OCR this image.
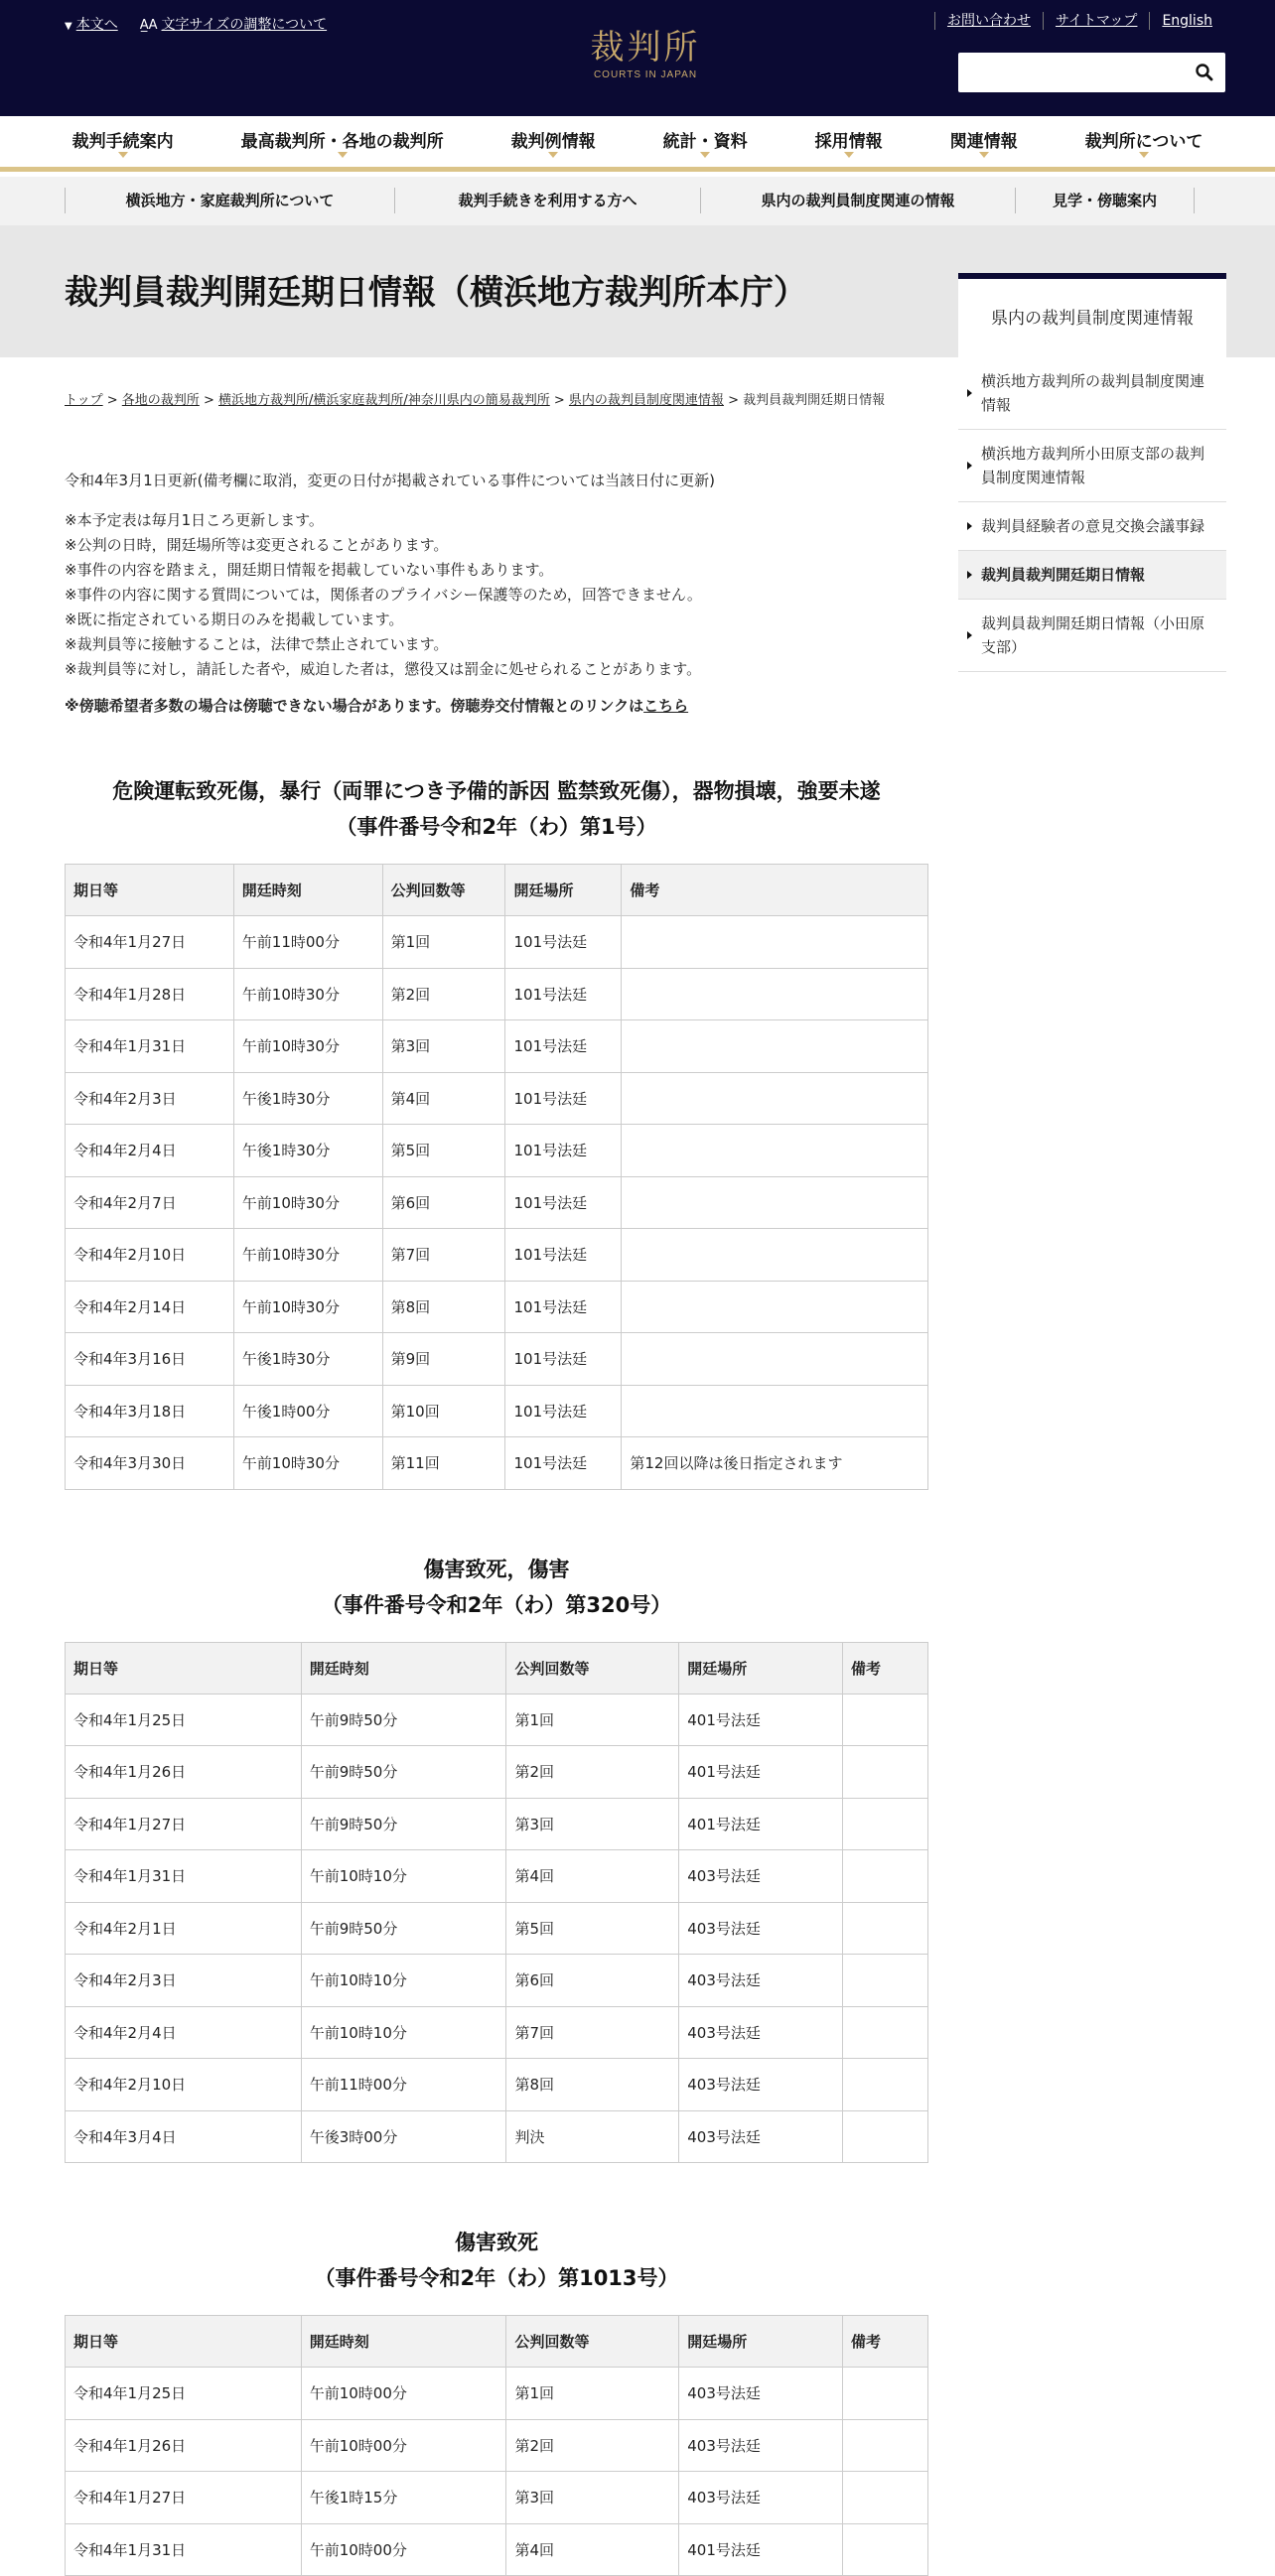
▼ 本文へ A̲A 文字サイズの調整について
裁判所
COURTS IN JAPAN
お問い合わせ	サイトマップ	English
裁判手続案内	最高裁判所・各地の裁判所	裁判例情報	統計・資料	採用情報	関連情報	裁判所について
横浜地方・家庭裁判所について	裁判手続きを利用する方へ	県内の裁判員制度関連の情報	見学・傍聴案内
裁判員裁判開廷期日情報（横浜地方裁判所本庁）
県内の裁判員制度関連情報
横浜地方裁判所の裁判員制度関連情報
横浜地方裁判所小田原支部の裁判員制度関連情報
裁判員経験者の意見交換会議事録
裁判員裁判開廷期日情報
裁判員裁判開廷期日情報（小田原支部）
トップ > 各地の裁判所 > 横浜地方裁判所/横浜家庭裁判所/神奈川県内の簡易裁判所 > 県内の裁判員制度関連情報 > 裁判員裁判開廷期日情報

令和4年3月1日更新(備考欄に取消，変更の日付が掲載されている事件については当該日付に更新)

※本予定表は毎月1日ころ更新します。
※公判の日時，開廷場所等は変更されることがあります。
※事件の内容を踏まえ，開廷期日情報を掲載していない事件もあります。
※事件の内容に関する質問については，関係者のプライバシー保護等のため，回答できません。
※既に指定されている期日のみを掲載しています。
※裁判員等に接触することは，法律で禁止されています。
※裁判員等に対し，請託した者や，威迫した者は，懲役又は罰金に処せられることがあります。

※傍聴希望者多数の場合は傍聴できない場合があります。傍聴券交付情報とのリンクはこちら

危険運転致死傷，暴行（両罪につき予備的訴因 監禁致死傷），器物損壊，強要未遂
（事件番号令和2年（わ）第1号）
期日等	開廷時刻	公判回数等	開廷場所	備考
令和4年1月27日	午前11時00分	第1回	101号法廷	
令和4年1月28日	午前10時30分	第2回	101号法廷	
令和4年1月31日	午前10時30分	第3回	101号法廷	
令和4年2月3日	午後1時30分	第4回	101号法廷	
令和4年2月4日	午後1時30分	第5回	101号法廷	
令和4年2月7日	午前10時30分	第6回	101号法廷	
令和4年2月10日	午前10時30分	第7回	101号法廷	
令和4年2月14日	午前10時30分	第8回	101号法廷	
令和4年3月16日	午後1時30分	第9回	101号法廷	
令和4年3月18日	午後1時00分	第10回	101号法廷	
令和4年3月30日	午前10時30分	第11回	101号法廷	第12回以降は後日指定されます
傷害致死，傷害
（事件番号令和2年（わ）第320号）
期日等	開廷時刻	公判回数等	開廷場所	備考
令和4年1月25日	午前9時50分	第1回	401号法廷	
令和4年1月26日	午前9時50分	第2回	401号法廷	
令和4年1月27日	午前9時50分	第3回	401号法廷	
令和4年1月31日	午前10時10分	第4回	403号法廷	
令和4年2月1日	午前9時50分	第5回	403号法廷	
令和4年2月3日	午前10時10分	第6回	403号法廷	
令和4年2月4日	午前10時10分	第7回	403号法廷	
令和4年2月10日	午前11時00分	第8回	403号法廷	
令和4年3月4日	午後3時00分	判決	403号法廷	
傷害致死
（事件番号令和2年（わ）第1013号）
期日等	開廷時刻	公判回数等	開廷場所	備考
令和4年1月25日	午前10時00分	第1回	403号法廷	
令和4年1月26日	午前10時00分	第2回	403号法廷	
令和4年1月27日	午後1時15分	第3回	403号法廷	
令和4年1月31日	午前10時00分	第4回	401号法廷	
